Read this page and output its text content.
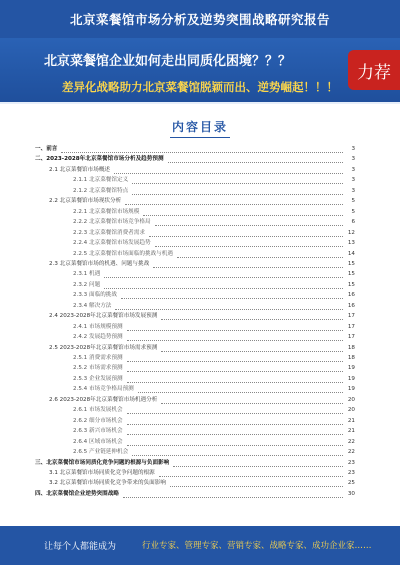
北京菜餐馆市场分析及逆势突围战略研究报告
北京菜餐馆企业如何走出同质化困境？？？
差异化战略助力北京菜餐馆脱颖而出、逆势崛起！！！
力荐
内容目录
一、前言	3
二、2023-2028年北京菜餐馆市场分析及趋势预测	3
2.1 北京菜餐馆市场概述	3
2.1.1 北京菜餐馆定义	3
2.1.2 北京菜餐馆特点	3
2.2 北京菜餐馆市场现状分析	5
2.2.1 北京菜餐馆市场规模	5
2.2.2 北京菜餐馆市场竞争格局	6
2.2.3 北京菜餐馆消费者需求	12
2.2.4 北京菜餐馆市场发展趋势	13
2.2.5 北京菜餐馆市场面临的挑战与机遇	14
2.3 北京菜餐馆市场的机遇、问题与挑战	15
2.3.1 机遇	15
2.3.2 问题	15
2.3.3 面临的挑战	16
2.3.4 解决方法	16
2.4 2023-2028年北京菜餐馆市场发展预测	17
2.4.1 市场规模预测	17
2.4.2 发展趋势预测	17
2.5 2023-2028年北京菜餐馆市场需求预测	18
2.5.1 消费需求预测	18
2.5.2 市场需求预测	19
2.5.3 企业发展预测	19
2.5.4 市场竞争格局预测	19
2.6 2023-2028年北京菜餐馆市场机遇分析	20
2.6.1 市场发展机会	20
2.6.2 细分市场机会	21
2.6.3 新兴市场机会	21
2.6.4 区域市场机会	22
2.6.5 产业链延伸机会	22
三、北京菜餐馆市场同质化竞争问题的根源与负面影响	23
3.1 北京菜餐馆市场同质化竞争问题的根源	23
3.2 北京菜餐馆市场同质化竞争带来的负面影响	25
四、北京菜餐馆企业逆势突围战略	30
让每个人都能成为	行业专家、管理专家、营销专家、战略专家、成功企业家……
